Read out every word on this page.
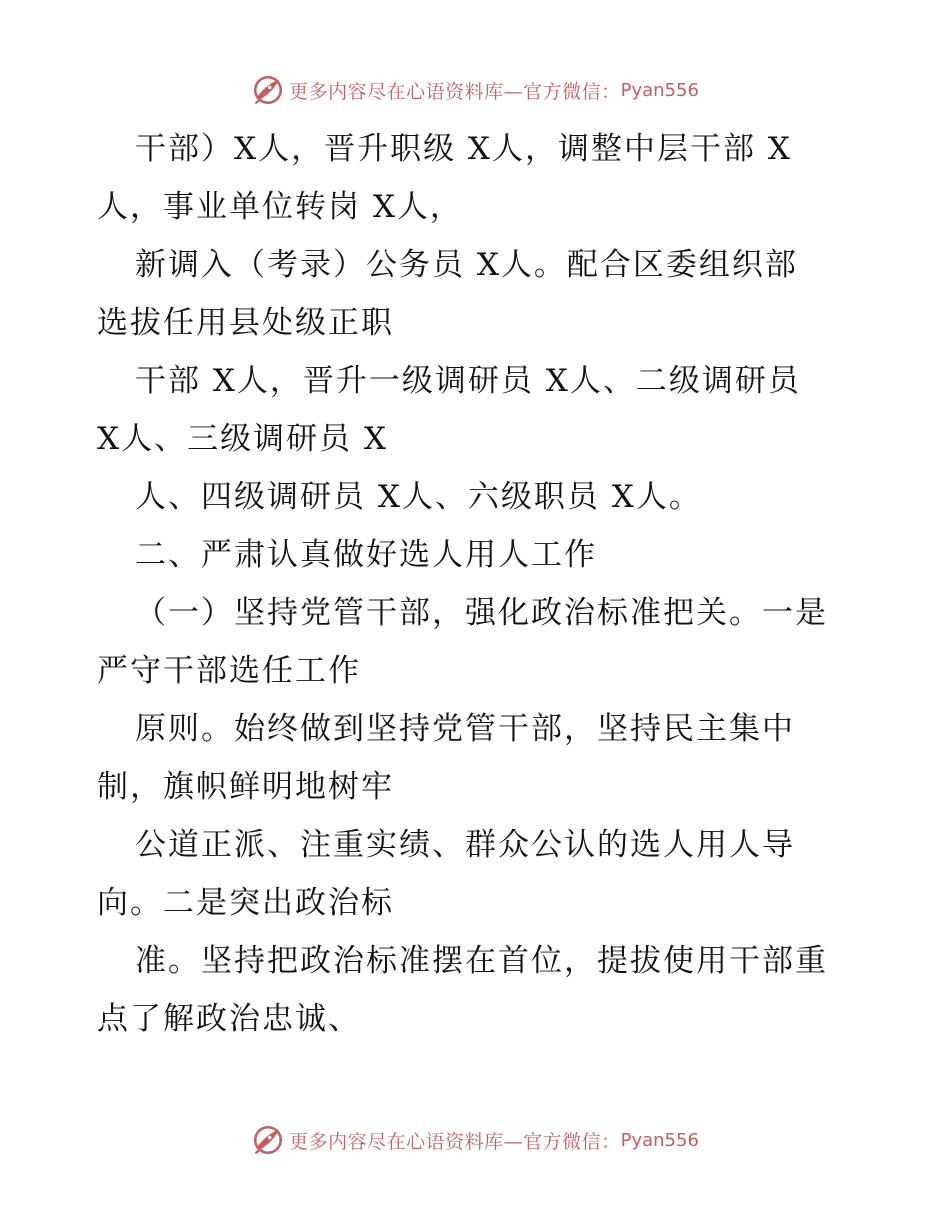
更多内容尽在心语资料库—官方微信： Pyan556
干部）X人，晋升职级 X人，调整中层干部 X
人，事业单位转岗 X人，
新调入（考录）公务员 X人。配合区委组织部
选拔任用县处级正职
干部 X人，晋升一级调研员 X人、二级调研员
X人、三级调研员 X
人、四级调研员 X人、六级职员 X人。
二、严肃认真做好选人用人工作
（一）坚持党管干部，强化政治标准把关。一是
严守干部选任工作
原则。始终做到坚持党管干部，坚持民主集中
制，旗帜鲜明地树牢
公道正派、注重实绩、群众公认的选人用人导
向。二是突出政治标
准。坚持把政治标准摆在首位，提拔使用干部重
点了解政治忠诚、
更多内容尽在心语资料库—官方微信： Pyan556
